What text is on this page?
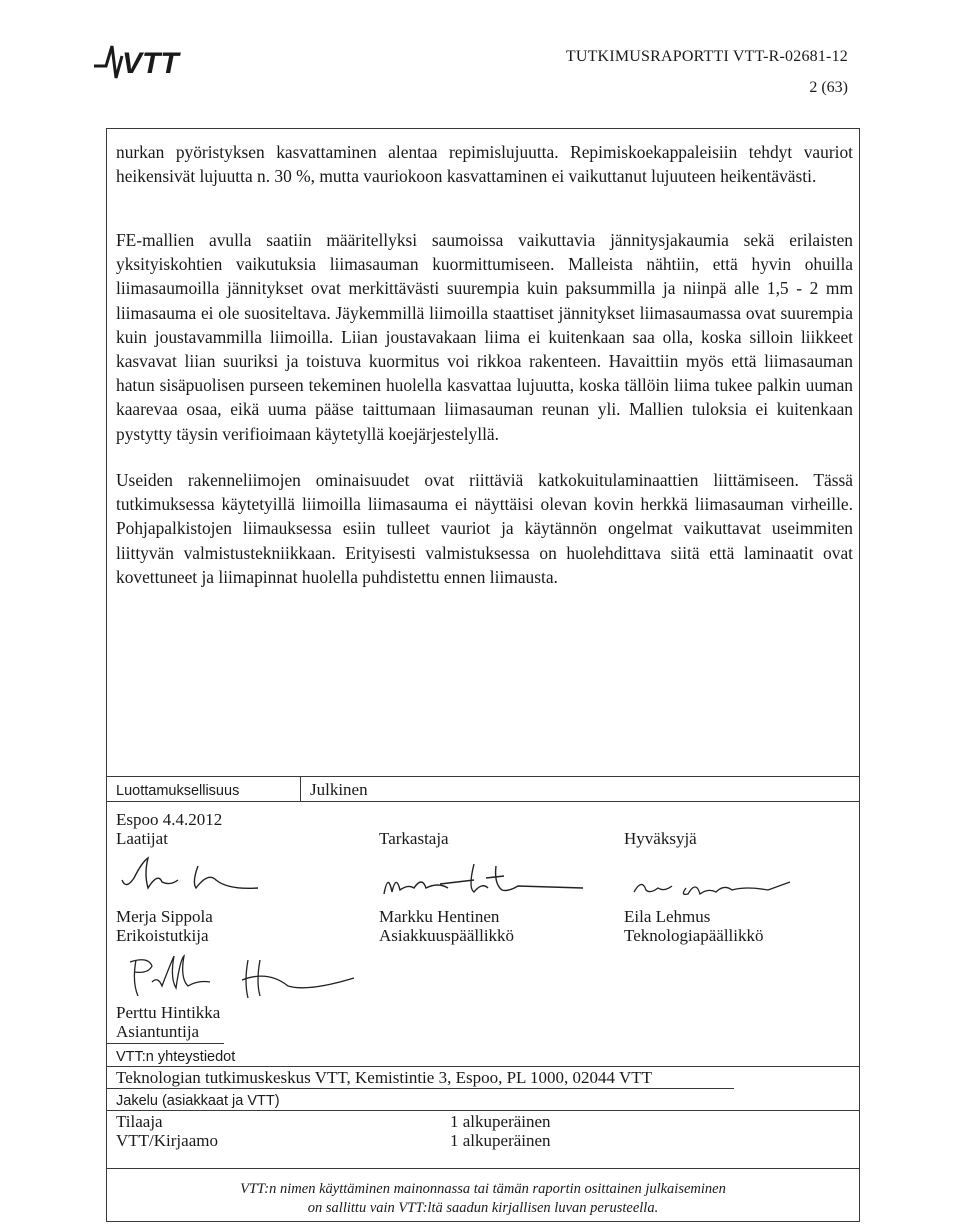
VTT	TUTKIMUSRAPORTTI VTT-R-02681-12
2 (63)

nurkan pyöristyksen kasvattaminen alentaa repimislujuutta. Repimiskoekappaleisiin tehdyt vauriot heikensivät lujuutta n. 30 %, mutta vauriokoon kasvattaminen ei vaikuttanut lujuuteen heikentävästi.

FE-mallien avulla saatiin määritellyksi saumoissa vaikuttavia jännitysjakaumia sekä erilaisten yksityiskohtien vaikutuksia liimasauman kuormittumiseen. Malleista nähtiin, että hyvin ohuilla liimasaumoilla jännitykset ovat merkittävästi suurempia kuin paksummilla ja niinpä alle 1,5 - 2 mm liimasauma ei ole suositeltava. Jäykemmillä liimoilla staattiset jännitykset liimasaumassa ovat suurempia kuin joustavammilla liimoilla. Liian joustavakaan liima ei kuitenkaan saa olla, koska silloin liikkeet kasvavat liian suuriksi ja toistuva kuormitus voi rikkoa rakenteen. Havaittiin myös että liimasauman hatun sisäpuolisen purseen tekeminen huolella kasvattaa lujuutta, koska tällöin liima tukee palkin uuman kaarevaa osaa, eikä uuma pääse taittumaan liimasauman reunan yli. Mallien tuloksia ei kuitenkaan pystytty täysin verifioimaan käytetyllä koejärjestelyllä.

Useiden rakenneliimojen ominaisuudet ovat riittäviä katkokuitulaminaattien liittämiseen. Tässä tutkimuksessa käytetyillä liimoilla liimasauma ei näyttäisi olevan kovin herkkä liimasauman virheille. Pohjapalkistojen liimauksessa esiin tulleet vauriot ja käytännön ongelmat vaikuttavat useimmiten liittyvän valmistustekniikkaan. Erityisesti valmistuksessa on huolehdittava siitä että laminaatit ovat kovettuneet ja liimapinnat huolella puhdistettu ennen liimausta.

Luottamuksellisuus	Julkinen
Espoo 4.4.2012
Laatijat	Tarkastaja	Hyväksyjä
Merja Sippola
Erikoistutkija
Markku Hentinen
Asiakkuuspäällikkö
Eila Lehmus
Teknologiapäällikkö
Perttu Hintikka
Asiantuntija
VTT:n yhteystiedot
Teknologian tutkimuskeskus VTT, Kemistintie 3, Espoo, PL 1000, 02044 VTT
Jakelu (asiakkaat ja VTT)
Tilaaja	1 alkuperäinen
VTT/Kirjaamo	1 alkuperäinen
VTT:n nimen käyttäminen mainonnassa tai tämän raportin osittainen julkaiseminen
on sallittu vain VTT:ltä saadun kirjallisen luvan perusteella.
